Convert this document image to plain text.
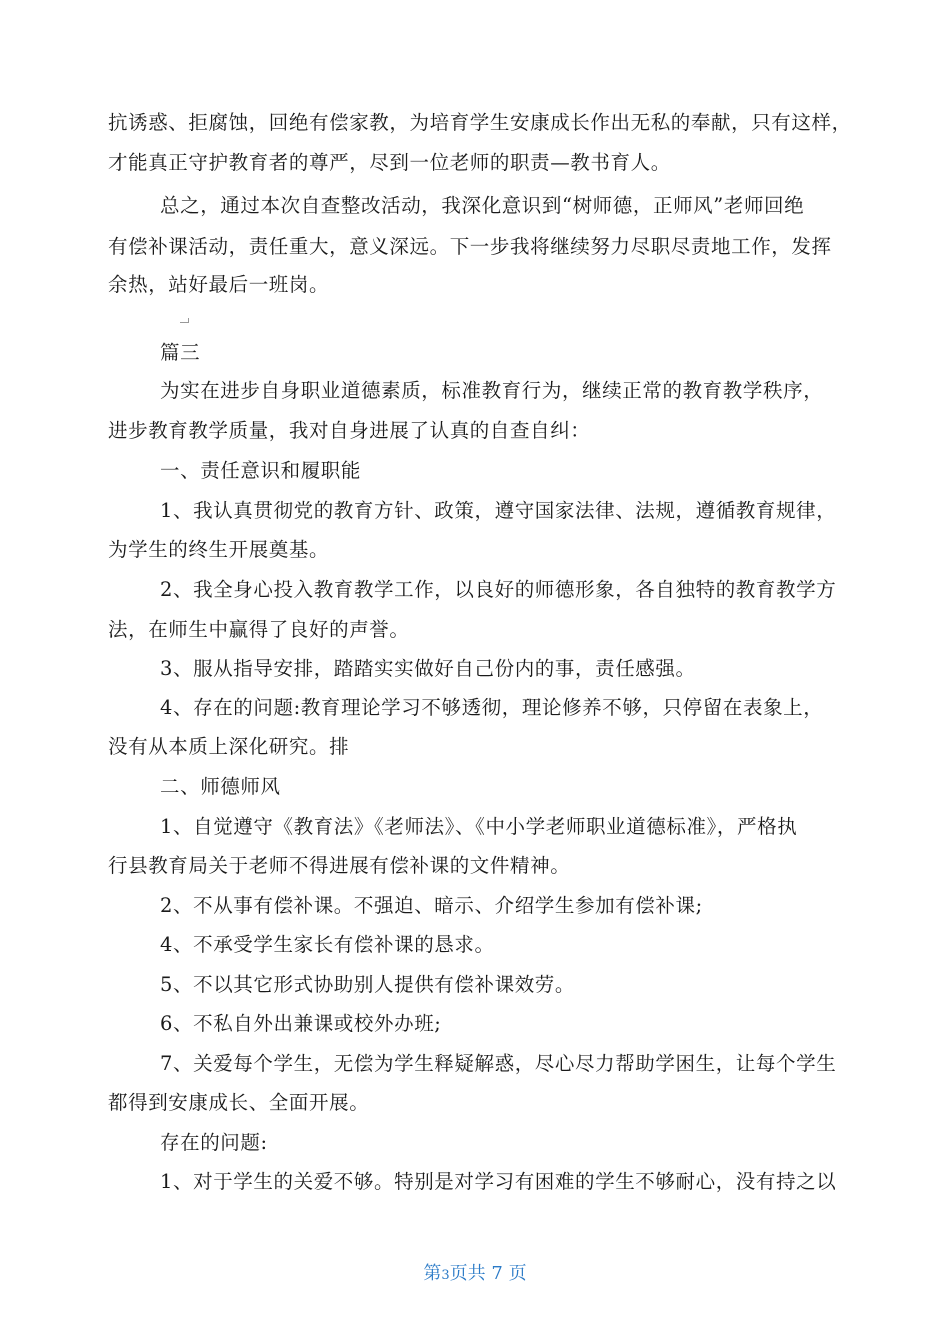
抗诱惑、拒腐蚀，回绝有偿家教，为培育学生安康成长作出无私的奉献，只有这样，
才能真正守护教育者的尊严，尽到一位老师的职责—教书育人。
总之，通过本次自查整改活动，我深化意识到“树师德，正师风”老师回绝
有偿补课活动，责任重大，意义深远。下一步我将继续努力尽职尽责地工作，发挥
余热，站好最后一班岗。
篇三
为实在进步自身职业道德素质，标准教育行为，继续正常的教育教学秩序，
进步教育教学质量，我对自身进展了认真的自查自纠：
一、责任意识和履职能
1、我认真贯彻党的教育方针、政策，遵守国家法律、法规，遵循教育规律，
为学生的终生开展奠基。
2、我全身心投入教育教学工作，以良好的师德形象，各自独特的教育教学方
法，在师生中赢得了良好的声誉。
3、服从指导安排，踏踏实实做好自己份内的事，责任感强。
4、存在的问题:教育理论学习不够透彻，理论修养不够，只停留在表象上，
没有从本质上深化研究。排
二、师德师风
1、自觉遵守《教育法》《老师法》、《中小学老师职业道德标准》，严格执
行县教育局关于老师不得进展有偿补课的文件精神。
2、不从事有偿补课。不强迫、暗示、介绍学生参加有偿补课;
4、不承受学生家长有偿补课的恳求。
5、不以其它形式协助别人提供有偿补课效劳。
6、不私自外出兼课或校外办班;
7、关爱每个学生，无偿为学生释疑解惑，尽心尽力帮助学困生，让每个学生
都得到安康成长、全面开展。
存在的问题:
1、对于学生的关爱不够。特别是对学习有困难的学生不够耐心，没有持之以
第3页共 7 页
